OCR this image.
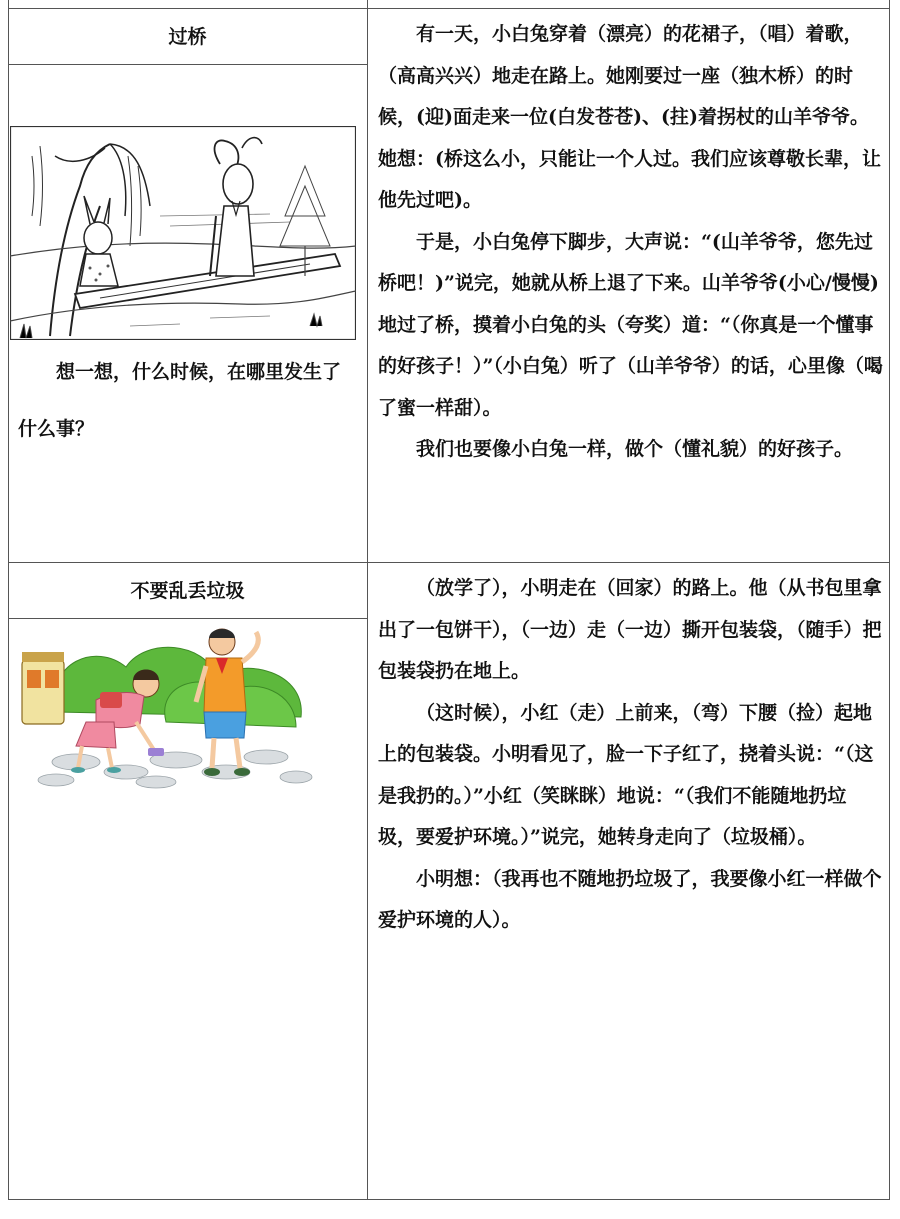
过桥

想一想，什么时候，在哪里发生了什么事？

有一天，小白兔穿着（漂亮）的花裙子，（唱）着歌，（高高兴兴）地走在路上。她刚要过一座（独木桥）的时候，(迎)面走来一位(白发苍苍)、(拄)着拐杖的山羊爷爷。她想：(桥这么小，只能让一个人过。我们应该尊敬长辈，让他先过吧)。

于是，小白兔停下脚步，大声说：“(山羊爷爷，您先过桥吧！)”说完，她就从桥上退了下来。山羊爷爷(小心/慢慢)地过了桥，摸着小白兔的头（夸奖）道：“（你真是一个懂事的好孩子！）”（小白兔）听了（山羊爷爷）的话，心里像（喝了蜜一样甜）。

我们也要像小白兔一样，做个（懂礼貌）的好孩子。

不要乱丢垃圾	（放学了），小明走在（回家）的路上。他（从书包里拿出了一包饼干），（一边）走（一边）撕开包装袋，（随手）把包装袋扔在地上。

（这时候），小红（走）上前来，（弯）下腰（捡）起地上的包装袋。小明看见了，脸一下子红了，挠着头说：“（这是我扔的。）”小红（笑眯眯）地说：“（我们不能随地扔垃圾，要爱护环境。）”说完，她转身走向了（垃圾桶）。

小明想：（我再也不随地扔垃圾了，我要像小红一样做个爱护环境的人）。
